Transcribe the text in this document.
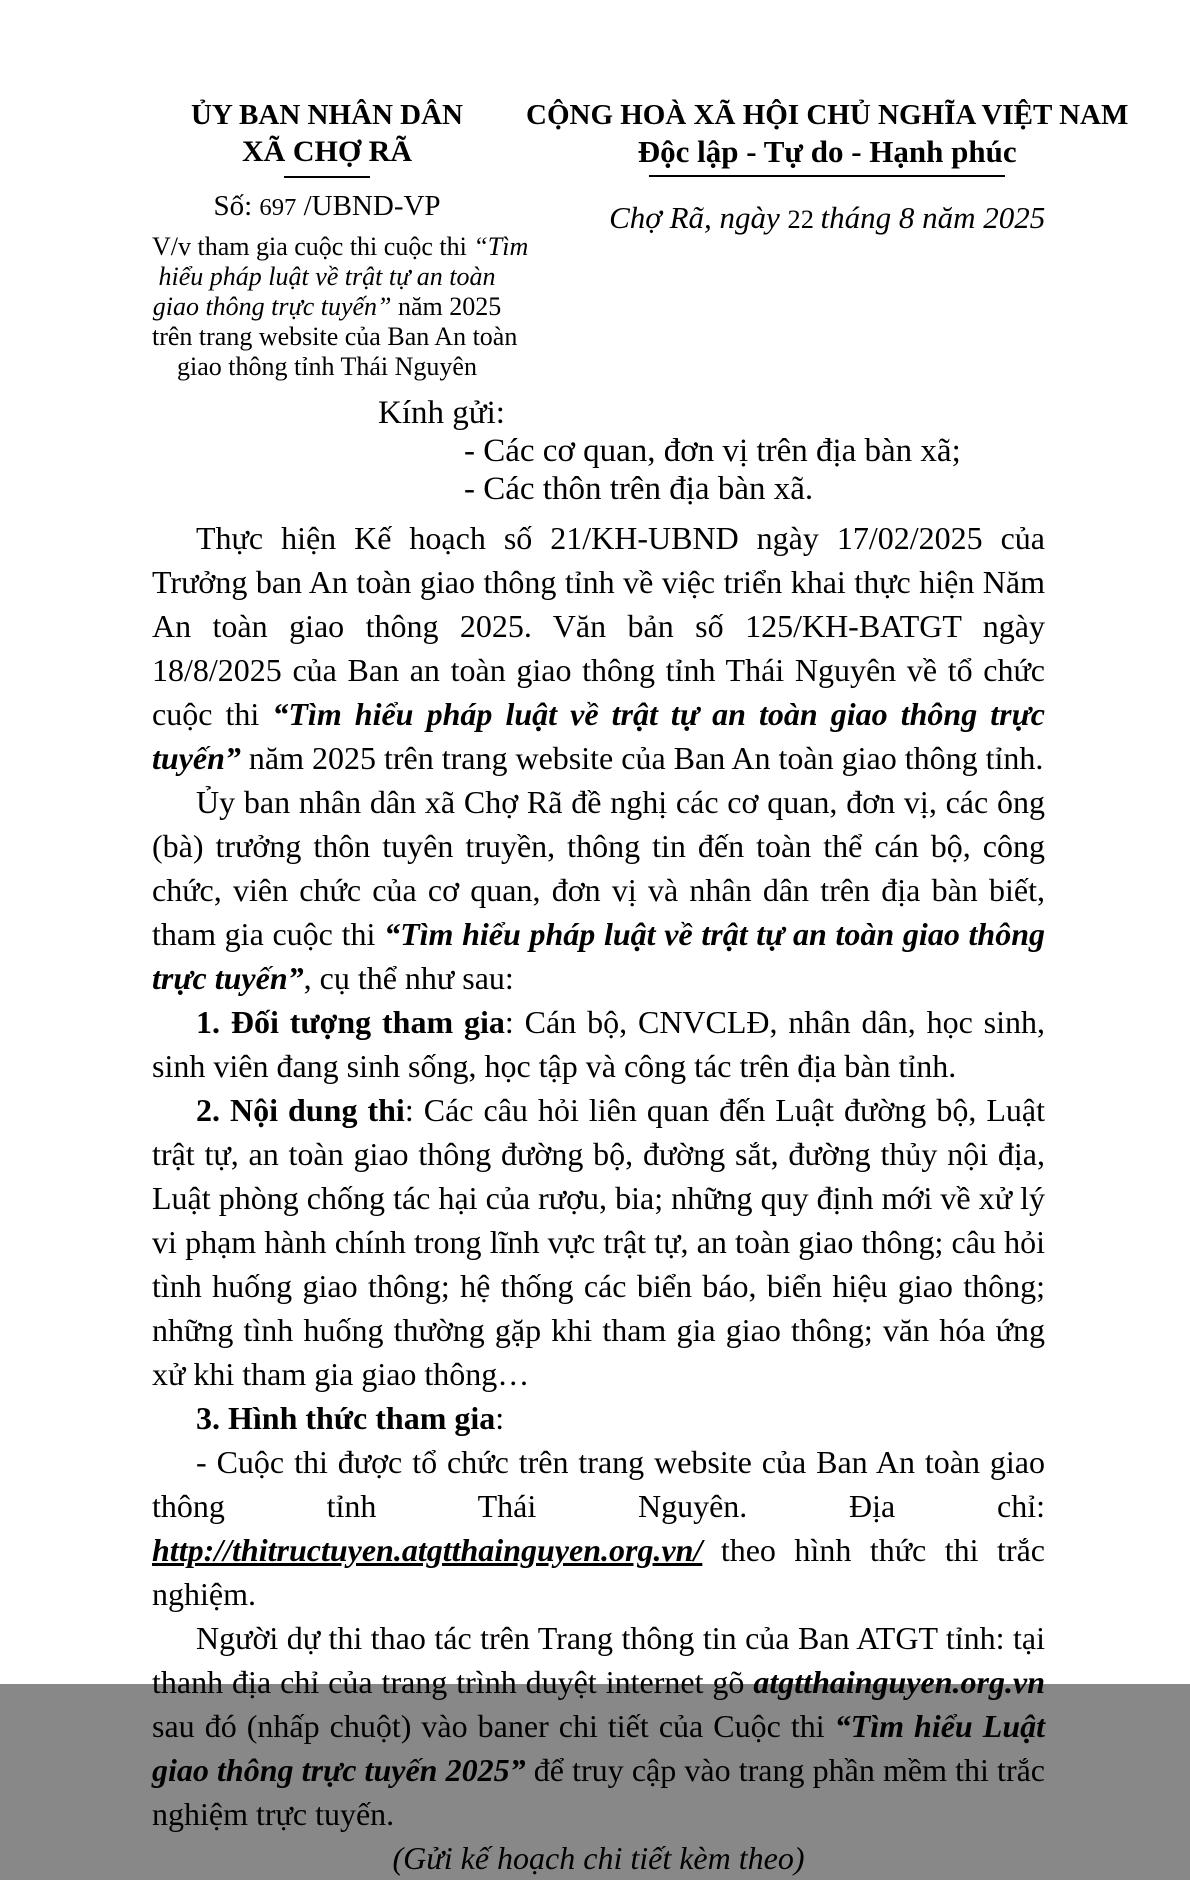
ỦY BAN NHÂN DÂN
XÃ CHỢ RÃ
Số: 697 /UBND-VP
V/v tham gia cuộc thi cuộc thi “Tìm
hiểu pháp luật về trật tự an toàn
giao thông trực tuyến” năm 2025
trên trang website của Ban An toàn
giao thông tỉnh Thái Nguyên
CỘNG HOÀ XÃ HỘI CHỦ NGHĨA VIỆT NAM
Độc lập - Tự do - Hạnh phúc
Chợ Rã, ngày 22 tháng 8 năm 2025
Kính gửi:
- Các cơ quan, đơn vị trên địa bàn xã;
- Các thôn trên địa bàn xã.

Thực hiện Kế hoạch số 21/KH-UBND ngày 17/02/2025 của Trưởng ban An toàn giao thông tỉnh về việc triển khai thực hiện Năm An toàn giao thông 2025. Văn bản số 125/KH-BATGT ngày 18/8/2025 của Ban an toàn giao thông tỉnh Thái Nguyên về tổ chức cuộc thi “Tìm hiểu pháp luật về trật tự an toàn giao thông trực tuyến” năm 2025 trên trang website của Ban An toàn giao thông tỉnh.

Ủy ban nhân dân xã Chợ Rã đề nghị các cơ quan, đơn vị, các ông (bà) trưởng thôn tuyên truyền, thông tin đến toàn thể cán bộ, công chức, viên chức của cơ quan, đơn vị và nhân dân trên địa bàn biết, tham gia cuộc thi “Tìm hiểu pháp luật về trật tự an toàn giao thông trực tuyến”, cụ thể như sau:

1. Đối tượng tham gia: Cán bộ, CNVCLĐ, nhân dân, học sinh, sinh viên đang sinh sống, học tập và công tác trên địa bàn tỉnh.

2. Nội dung thi: Các câu hỏi liên quan đến Luật đường bộ, Luật trật tự, an toàn giao thông đường bộ, đường sắt, đường thủy nội địa, Luật phòng chống tác hại của rượu, bia; những quy định mới về xử lý vi phạm hành chính trong lĩnh vực trật tự, an toàn giao thông; câu hỏi tình huống giao thông; hệ thống các biển báo, biển hiệu giao thông; những tình huống thường gặp khi tham gia giao thông; văn hóa ứng xử khi tham gia giao thông…

3. Hình thức tham gia:

- Cuộc thi được tổ chức trên trang website của Ban An toàn giao thông tỉnh Thái Nguyên. Địa chỉ: http://thitructuyen.atgtthainguyen.org.vn/ theo hình thức thi trắc nghiệm.

Người dự thi thao tác trên Trang thông tin của Ban ATGT tỉnh: tại thanh địa chỉ của trang trình duyệt internet gõ atgtthainguyen.org.vn sau đó (nhấp chuột) vào baner chi tiết của Cuộc thi “Tìm hiểu Luật giao thông trực tuyến 2025” để truy cập vào trang phần mềm thi trắc nghiệm trực tuyến.

(Gửi kế hoạch chi tiết kèm theo)
